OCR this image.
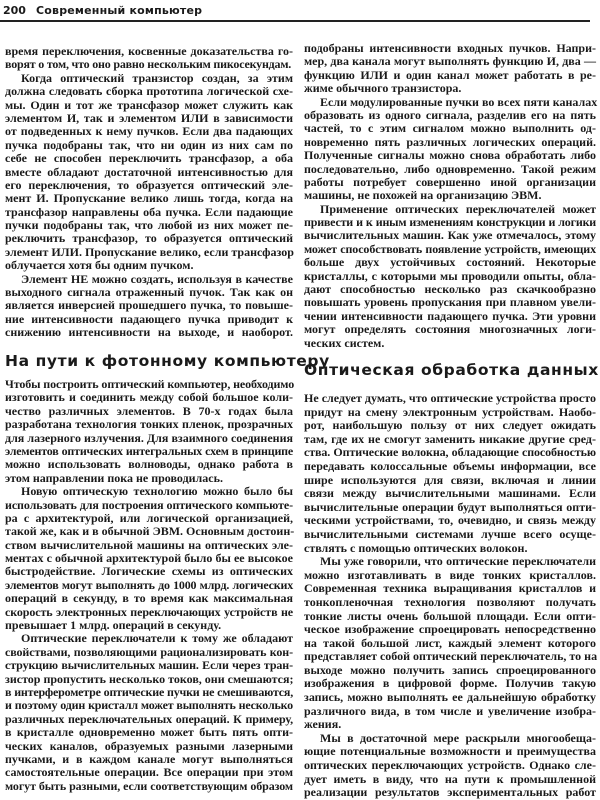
200 Современный компьютер
время переключения, косвенные доказательства го-
ворят о том, что оно равно нескольким пикосекундам.
Когда оптический транзистор создан, за этим
должна следовать сборка прототипа логической схе-
мы. Один и тот же трансфазор может служить как
элементом И, так и элементом ИЛИ в зависимости
от подведенных к нему пучков. Если два падающих
пучка подобраны так, что ни один из них сам по
себе не способен переключить трансфазор, а оба
вместе обладают достаточной интенсивностью для
его переключения, то образуется оптический эле-
мент И. Пропускание велико лишь тогда, когда на
трансфазор направлены оба пучка. Если падающие
пучки подобраны так, что любой из них может пе-
реключить трансфазор, то образуется оптический
элемент ИЛИ. Пропускание велико, если трансфазор
облучается хотя бы одним пучком.
Элемент НЕ можно создать, используя в качестве
выходного сигнала отраженный пучок. Так как он
является инверсией прошедшего пучка, то повыше-
ние интенсивности падающего пучка приводит к
снижению интенсивности на выходе, и наоборот.
На пути к фотонному компьютеру
Чтобы построить оптический компьютер, необходимо
изготовить и соединить между собой большое коли-
чество различных элементов. В 70-х годах была
разработана технология тонких пленок, прозрачных
для лазерного излучения. Для взаимного соединения
элементов оптических интегральных схем в принципе
можно использовать волноводы, однако работа в
этом направлении пока не проводилась.
Новую оптическую технологию можно было бы
использовать для построения оптического компьюте-
ра с архитектурой, или логической организацией,
такой же, как и в обычной ЭВМ. Основным достоин-
ством вычислительной машины на оптических эле-
ментах с обычной архитектурой было бы ее высокое
быстродействие. Логические схемы из оптических
элементов могут выполнять до 1000 млрд. логических
операций в секунду, в то время как максимальная
скорость электронных переключающих устройств не
превышает 1 млрд. операций в секунду.
Оптические переключатели к тому же обладают
свойствами, позволяющими рационализировать кон-
струкцию вычислительных машин. Если через тран-
зистор пропустить несколько токов, они смешаются;
в интерферометре оптические пучки не смешиваются,
и поэтому один кристалл может выполнять несколько
различных переключательных операций. К примеру,
в кристалле одновременно может быть пять опти-
ческих каналов, образуемых разными лазерными
пучками, и в каждом канале могут выполняться
самостоятельные операции. Все операции при этом
могут быть разными, если соответствующим образом
подобраны интенсивности входных пучков. Напри-
мер, два канала могут выполнять функцию И, два —
функцию ИЛИ и один канал может работать в ре-
жиме обычного транзистора.
Если модулированные пучки во всех пяти каналах
образовать из одного сигнала, разделив его на пять
частей, то с этим сигналом можно выполнить од-
новременно пять различных логических операций.
Полученные сигналы можно снова обработать либо
последовательно, либо одновременно. Такой режим
работы потребует совершенно иной организации
машины, не похожей на организацию ЭВМ.
Применение оптических переключателей может
привести и к иным изменениям конструкции и логики
вычислительных машин. Как уже отмечалось, этому
может способствовать появление устройств, имеющих
больше двух устойчивых состояний. Некоторые
кристаллы, с которыми мы проводили опыты, обла-
дают способностью несколько раз скачкообразно
повышать уровень пропускания при плавном увели-
чении интенсивности падающего пучка. Эти уровни
могут определять состояния многозначных логи-
ческих систем.
Оптическая обработка данных
Не следует думать, что оптические устройства просто
придут на смену электронным устройствам. Наобо-
рот, наибольшую пользу от них следует ожидать
там, где их не смогут заменить никакие другие сред-
ства. Оптические волокна, обладающие способностью
передавать колоссальные объемы информации, все
шире используются для связи, включая и линии
связи между вычислительными машинами. Если
вычислительные операции будут выполняться опти-
ческими устройствами, то, очевидно, и связь между
вычислительными системами лучше всего осуще-
ствлять с помощью оптических волокон.
Мы уже говорили, что оптические переключатели
можно изготавливать в виде тонких кристаллов.
Современная техника выращивания кристаллов и
тонкопленочная технология позволяют получать
тонкие листы очень большой площади. Если опти-
ческое изображение спроецировать непосредственно
на такой большой лист, каждый элемент которого
представляет собой оптический переключатель, то на
выходе можно получить запись спроецированного
изображения в цифровой форме. Получив такую
запись, можно выполнять ее дальнейшую обработку
различного вида, в том числе и увеличение изобра-
жения.
Мы в достаточной мере раскрыли многообеща-
ющие потенциальные возможности и преимущества
оптических переключающих устройств. Однако сле-
дует иметь в виду, что на пути к промышленной
реализации результатов экспериментальных работ
